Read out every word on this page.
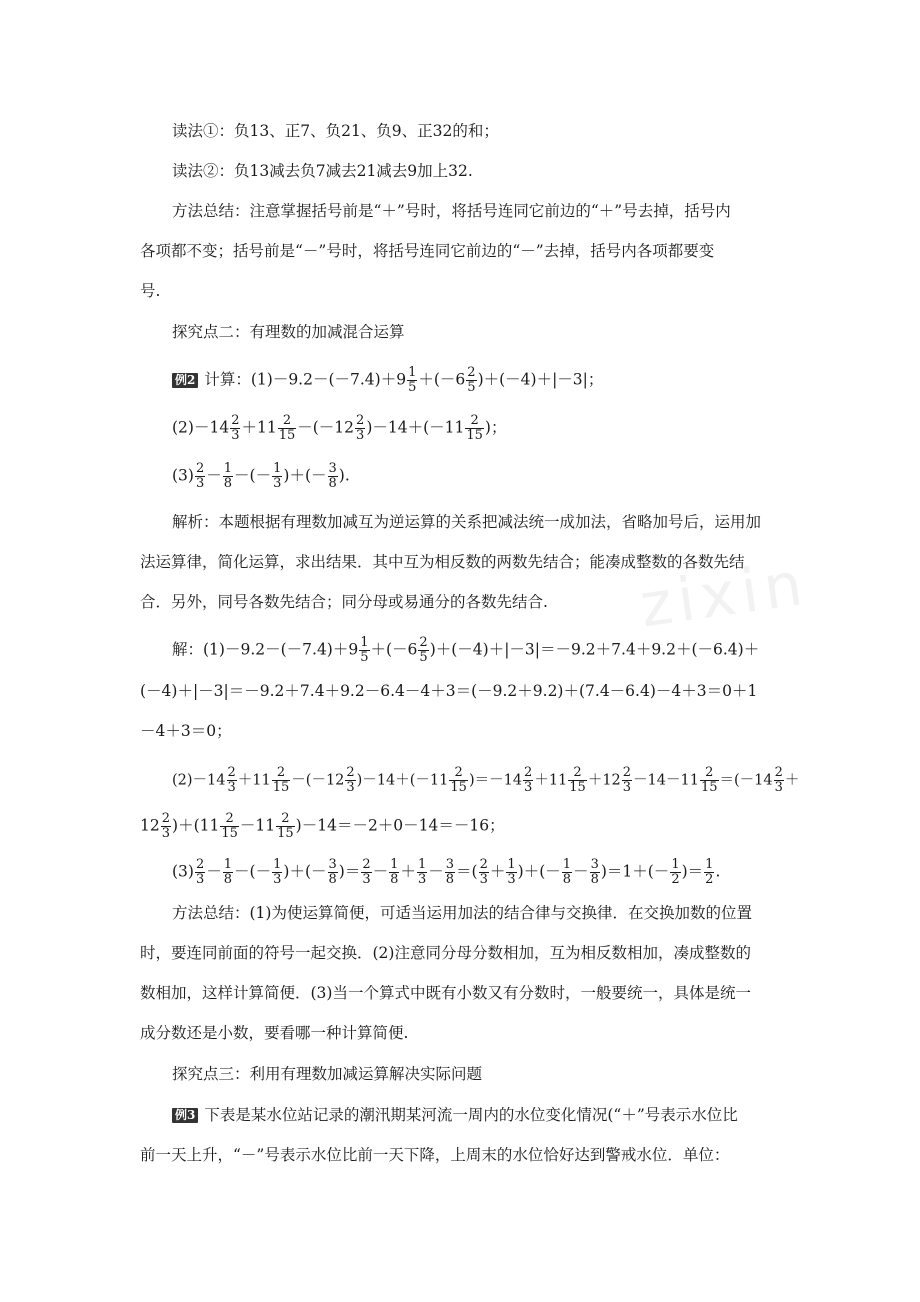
zixin
读法①：负13、正7、负21、负9、正32的和；
读法②：负13减去负7减去21减去9加上32.
方法总结：注意掌握括号前是“＋”号时，将括号连同它前边的“＋”号去掉，括号内
各项都不变；括号前是“－”号时，将括号连同它前边的“－”去掉，括号内各项都要变
号.
探究点二：有理数的加减混合运算
例2 计算：$(1)-9.2-(-7.4)+9 \frac{1}{5} +(-6 \frac{2}{5} )+(-4)+|-3|$；
$(2)-14 \frac{2}{3} +11 \frac{2}{15} -(-12 \frac{2}{3} )-14+(-11 \frac{2}{15}$ )；
$(3) \frac{2}{3} - \frac{1}{8}$ －(－ $\frac{1}{3}$ )＋(－ $\frac{3}{8}$ ).
解析：本题根据有理数加减互为逆运算的关系把减法统一成加法，省略加号后，运用加
法运算律，简化运算，求出结果．其中互为相反数的两数先结合；能凑成整数的各数先结
合．另外，同号各数先结合；同分母或易通分的各数先结合.
解：$(1)-9.2-(-7.4)+9 \frac{1}{5} +(-6 \frac{2}{5} )+(-4)+|-3|=-9.2+7.4+9.2+(-6.4)+$
(－4)＋|－3|＝－9.2＋7.4＋9.2－6.4－4＋3＝(－9.2＋9.2)＋(7.4－6.4)－4＋3＝0＋1
－4＋3＝0；
$(2)-14 \frac{2}{3} +11 \frac{2}{15} -(-12 \frac{2}{3} )-14+(-11 \frac{2}{15} )=-14 \frac{2}{3} +11 \frac{2}{15} +12 \frac{2}{3} -14-11 \frac{2}{15} =(-14 \frac{2}{3}$ ＋
$12 \frac{2}{3} )+(11 \frac{2}{15} -11 \frac{2}{15} )-14=-2+0-14=-16$；
$(3) \frac{2}{3} - \frac{1}{8}$ －(－ $\frac{1}{3}$ )＋(－ $\frac{3}{8}$ )＝ $\frac{2}{3} - \frac{1}{8} + \frac{1}{3} - \frac{3}{8}$ ＝( $\frac{2}{3} + \frac{1}{3}$ )＋(－ $\frac{1}{8} - \frac{3}{8} )=1+(- \frac{1}{2}$ )＝ $\frac{1}{2}$ .
方法总结：(1)为使运算简便，可适当运用加法的结合律与交换律．在交换加数的位置
时，要连同前面的符号一起交换．(2)注意同分母分数相加，互为相反数相加，凑成整数的
数相加，这样计算简便．(3)当一个算式中既有小数又有分数时，一般要统一，具体是统一
成分数还是小数，要看哪一种计算简便.
探究点三：利用有理数加减运算解决实际问题
例3 下表是某水位站记录的潮汛期某河流一周内的水位变化情况(“＋”号表示水位比
前一天上升，“－”号表示水位比前一天下降，上周末的水位恰好达到警戒水位．单位：
